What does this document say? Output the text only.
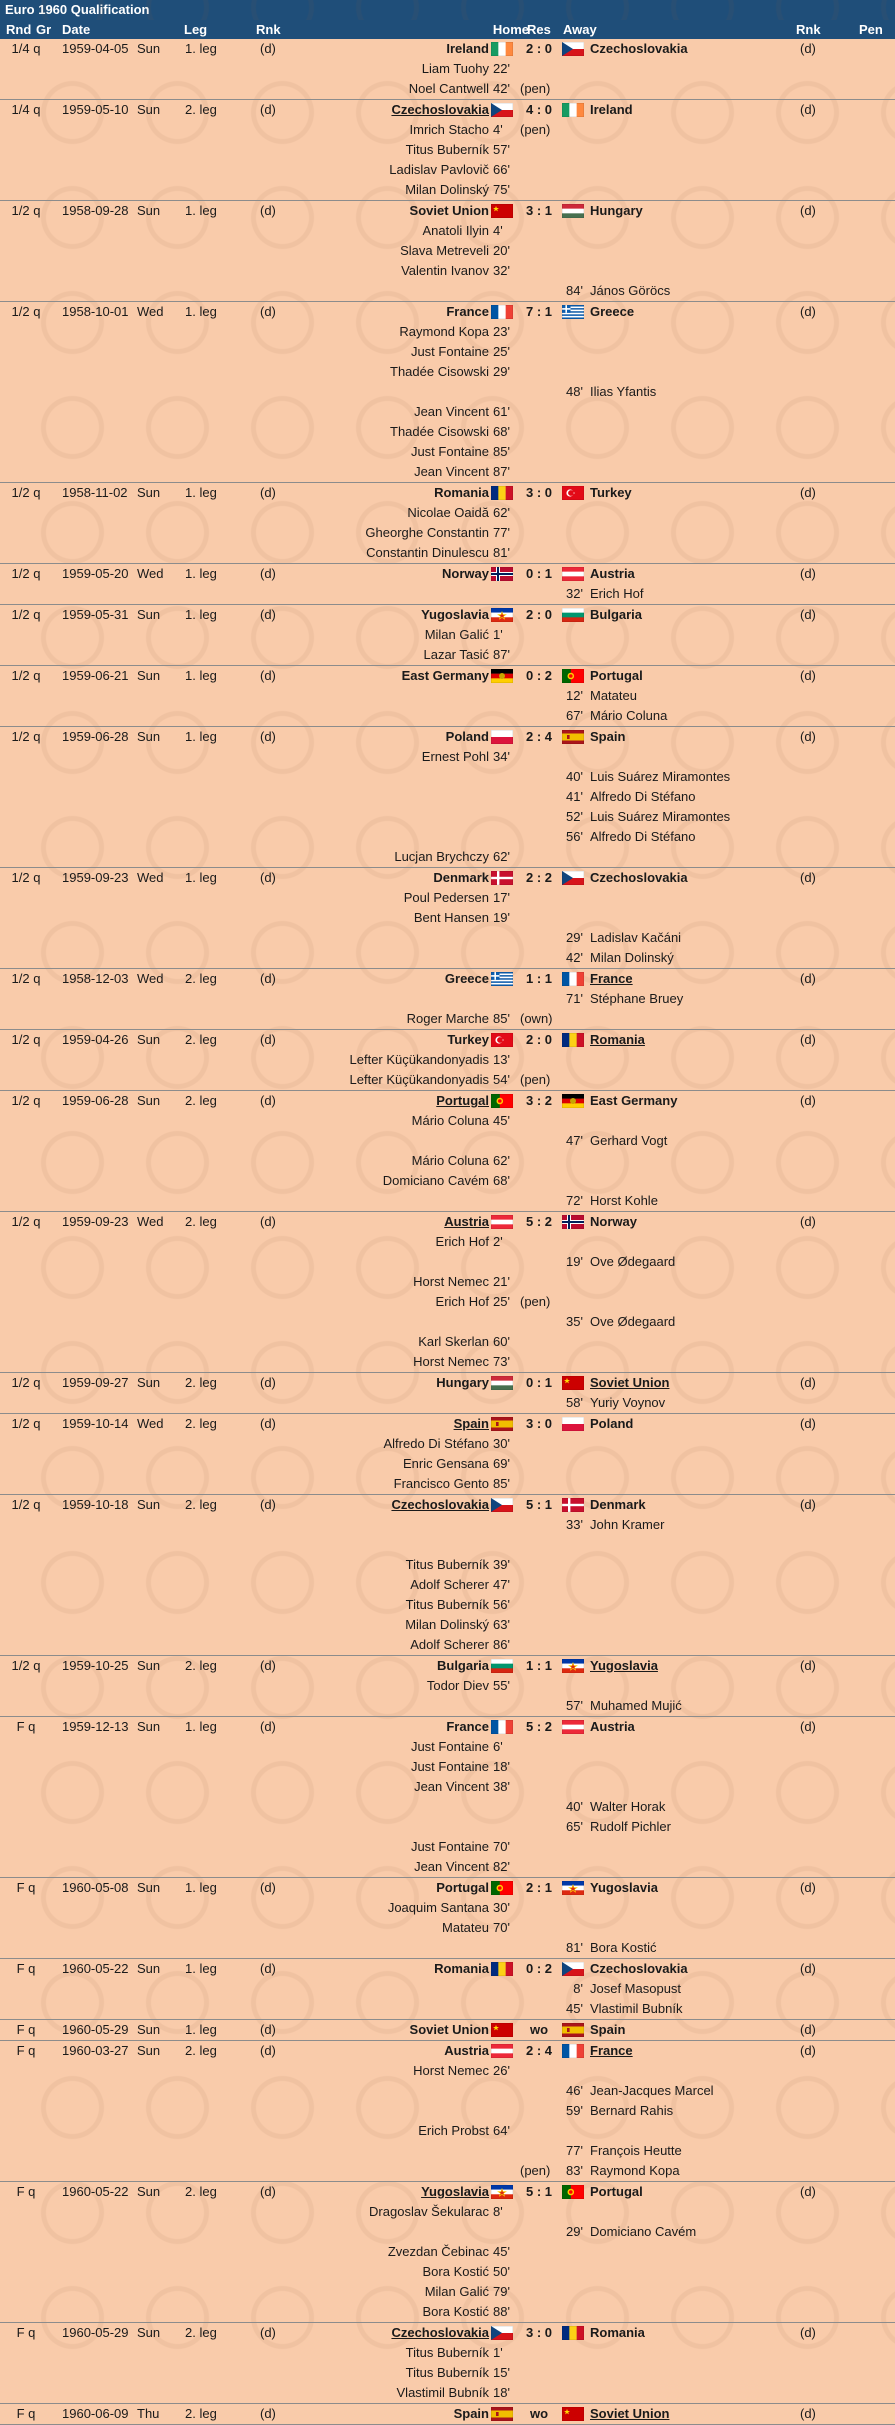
Euro 1960 Qualification
Rnd Gr Date	Leg	Rnk	Home
Res Away	Rnk	Pen
1/4 q	1959-04-05 Sun 1. leg	(d)	Ireland	2 : 0	Czechoslovakia	(d)
Liam Tuohy 22'
Noel Cantwell 42' (pen)
1/4 q	1959-05-10 Sun 2. leg	(d)	Czechoslovakia	4 : 0	Ireland	(d)
Imrich Stacho 4' (pen)
Titus Buberník 57'
Ladislav Pavlovič 66'
Milan Dolinský 75'
1/2 q	1958-09-28 Sun 1. leg	(d)	Soviet Union	3 : 1	Hungary	(d)
Anatoli Ilyin 4'
Slava Metreveli 20'
Valentin Ivanov 32'
84' János Göröcs
1/2 q	1958-10-01 Wed 1. leg	(d)	France	7 : 1	Greece	(d)
Raymond Kopa 23'
Just Fontaine 25'
Thadée Cisowski 29'
48' Ilias Yfantis
Jean Vincent 61'
Thadée Cisowski 68'
Just Fontaine 85'
Jean Vincent 87'
1/2 q	1958-11-02 Sun 1. leg	(d)	Romania	3 : 0	Turkey	(d)
Nicolae Oaidă 62'
Gheorghe Constantin 77'
Constantin Dinulescu 81'
1/2 q	1959-05-20 Wed 1. leg	(d)	Norway	0 : 1	Austria	(d)
32' Erich Hof
1/2 q	1959-05-31 Sun 1. leg	(d)	Yugoslavia	2 : 0	Bulgaria	(d)
Milan Galić 1'
Lazar Tasić 87'
1/2 q	1959-06-21 Sun 1. leg	(d)	East Germany	0 : 2	Portugal	(d)
12' Matateu
67' Mário Coluna
1/2 q	1959-06-28 Sun 1. leg	(d)	Poland	2 : 4	Spain	(d)
Ernest Pohl 34'
40' Luis Suárez Miramontes
41' Alfredo Di Stéfano
52' Luis Suárez Miramontes
56' Alfredo Di Stéfano
Lucjan Brychczy 62'
1/2 q	1959-09-23 Wed 1. leg	(d)	Denmark	2 : 2	Czechoslovakia	(d)
Poul Pedersen 17'
Bent Hansen 19'
29' Ladislav Kačáni
42' Milan Dolinský
1/2 q	1958-12-03 Wed 2. leg	(d)	Greece	1 : 1	France	(d)
71' Stéphane Bruey
Roger Marche 85' (own)
1/2 q	1959-04-26 Sun 2. leg	(d)	Turkey	2 : 0	Romania	(d)
Lefter Küçükandonyadis 13'
Lefter Küçükandonyadis 54' (pen)
1/2 q	1959-06-28 Sun 2. leg	(d)	Portugal	3 : 2	East Germany	(d)
Mário Coluna 45'
47' Gerhard Vogt
Mário Coluna 62'
Domiciano Cavém 68'
72' Horst Kohle
1/2 q	1959-09-23 Wed 2. leg	(d)	Austria	5 : 2	Norway	(d)
Erich Hof 2'
19' Ove Ødegaard
Horst Nemec 21'
Erich Hof 25' (pen)
35' Ove Ødegaard
Karl Skerlan 60'
Horst Nemec 73'
1/2 q	1959-09-27 Sun 2. leg	(d)	Hungary	0 : 1	Soviet Union	(d)
58' Yuriy Voynov
1/2 q	1959-10-14 Wed 2. leg	(d)	Spain	3 : 0	Poland	(d)
Alfredo Di Stéfano 30'
Enric Gensana 69'
Francisco Gento 85'
1/2 q	1959-10-18 Sun 2. leg	(d)	Czechoslovakia	5 : 1	Denmark	(d)
33' John Kramer
Titus Buberník 39'
Adolf Scherer 47'
Titus Buberník 56'
Milan Dolinský 63'
Adolf Scherer 86'
1/2 q	1959-10-25 Sun 2. leg	(d)	Bulgaria	1 : 1	Yugoslavia	(d)
Todor Diev 55'
57' Muhamed Mujić
F q	1959-12-13 Sun 1. leg	(d)	France	5 : 2	Austria	(d)
Just Fontaine 6'
Just Fontaine 18'
Jean Vincent 38'
40' Walter Horak
65' Rudolf Pichler
Just Fontaine 70'
Jean Vincent 82'
F q	1960-05-08 Sun 1. leg	(d)	Portugal	2 : 1	Yugoslavia	(d)
Joaquim Santana 30'
Matateu 70'
81' Bora Kostić
F q	1960-05-22 Sun 1. leg	(d)	Romania	0 : 2	Czechoslovakia	(d)
8' Josef Masopust
45' Vlastimil Bubník
F q	1960-05-29 Sun 1. leg	(d)	Soviet Union	wo	Spain	(d)
F q	1960-03-27 Sun 2. leg	(d)	Austria	2 : 4	France	(d)
Horst Nemec 26'
46' Jean-Jacques Marcel
59' Bernard Rahis
Erich Probst 64'
77' François Heutte
(pen) 83' Raymond Kopa
F q	1960-05-22 Sun 2. leg	(d)	Yugoslavia	5 : 1	Portugal	(d)
Dragoslav Šekularac 8'
29' Domiciano Cavém
Zvezdan Čebinac 45'
Bora Kostić 50'
Milan Galić 79'
Bora Kostić 88'
F q	1960-05-29 Sun 2. leg	(d)	Czechoslovakia	3 : 0	Romania	(d)
Titus Buberník 1'
Titus Buberník 15'
Vlastimil Bubník 18'
F q	1960-06-09 Thu 2. leg	(d)	Spain	wo	Soviet Union	(d)
